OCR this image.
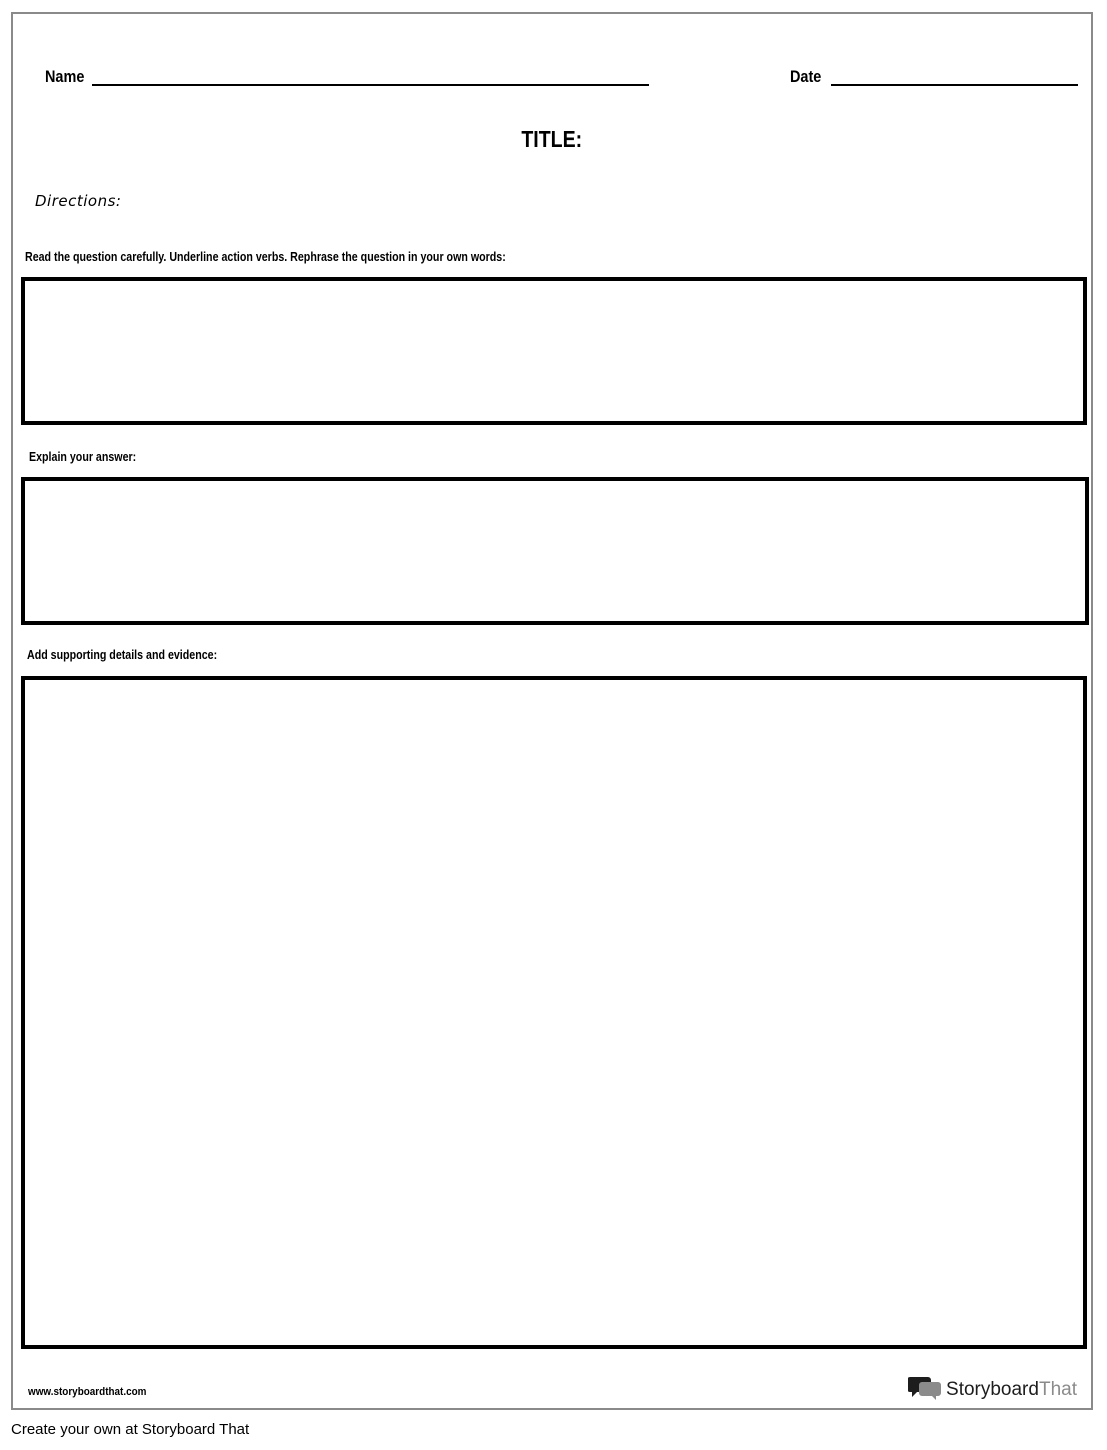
Name	Date
TITLE:
Directions:
Read the question carefully. Underline action verbs. Rephrase the question in your own words:
Explain your answer:
Add supporting details and evidence:
www.storyboardthat.com	StoryboardThat
Create your own at Storyboard That
